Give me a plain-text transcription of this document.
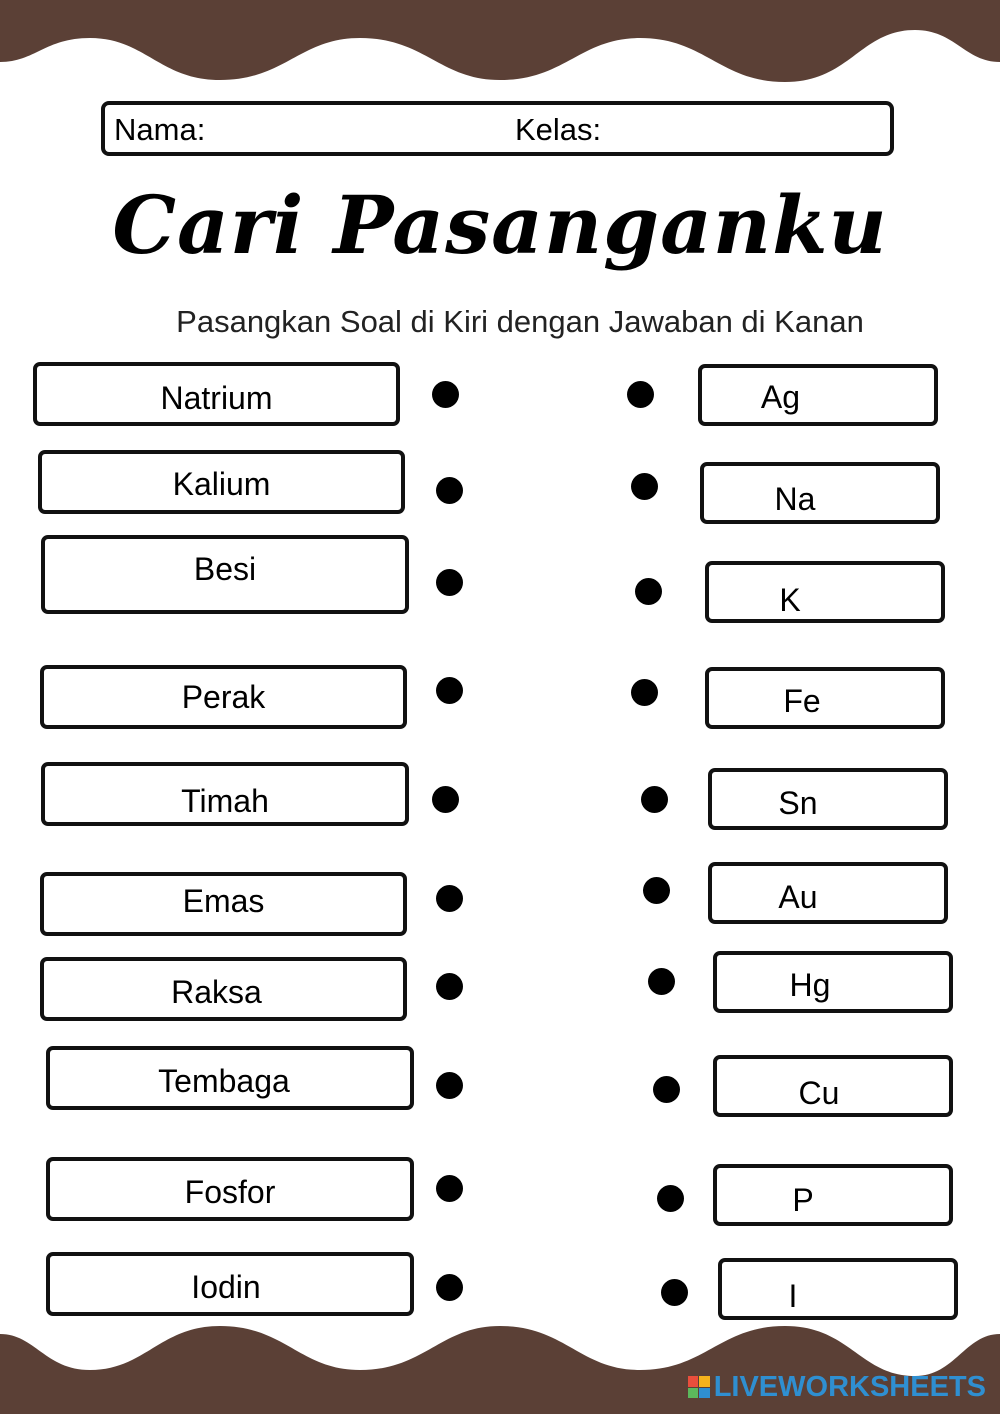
Nama:	Kelas:
Cari Pasanganku
Pasangkan Soal di Kiri dengan Jawaban di Kanan
Natrium
Kalium
Besi
Perak
Timah
Emas
Raksa
Tembaga
Fosfor
Iodin
Ag
Na
K
Fe
Sn
Au
Hg
Cu
P
I
LIVEWORKSHEETS
